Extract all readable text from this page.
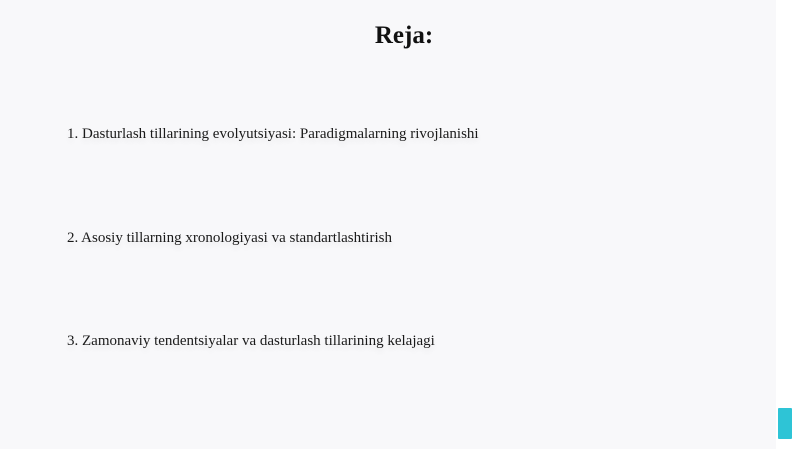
Reja:

1. Dasturlash tillarining evolyutsiyasi: Paradigmalarning rivojlanishi

2. Asosiy tillarning xronologiyasi va standartlashtirish

3. Zamonaviy tendentsiyalar va dasturlash tillarining kelajagi
